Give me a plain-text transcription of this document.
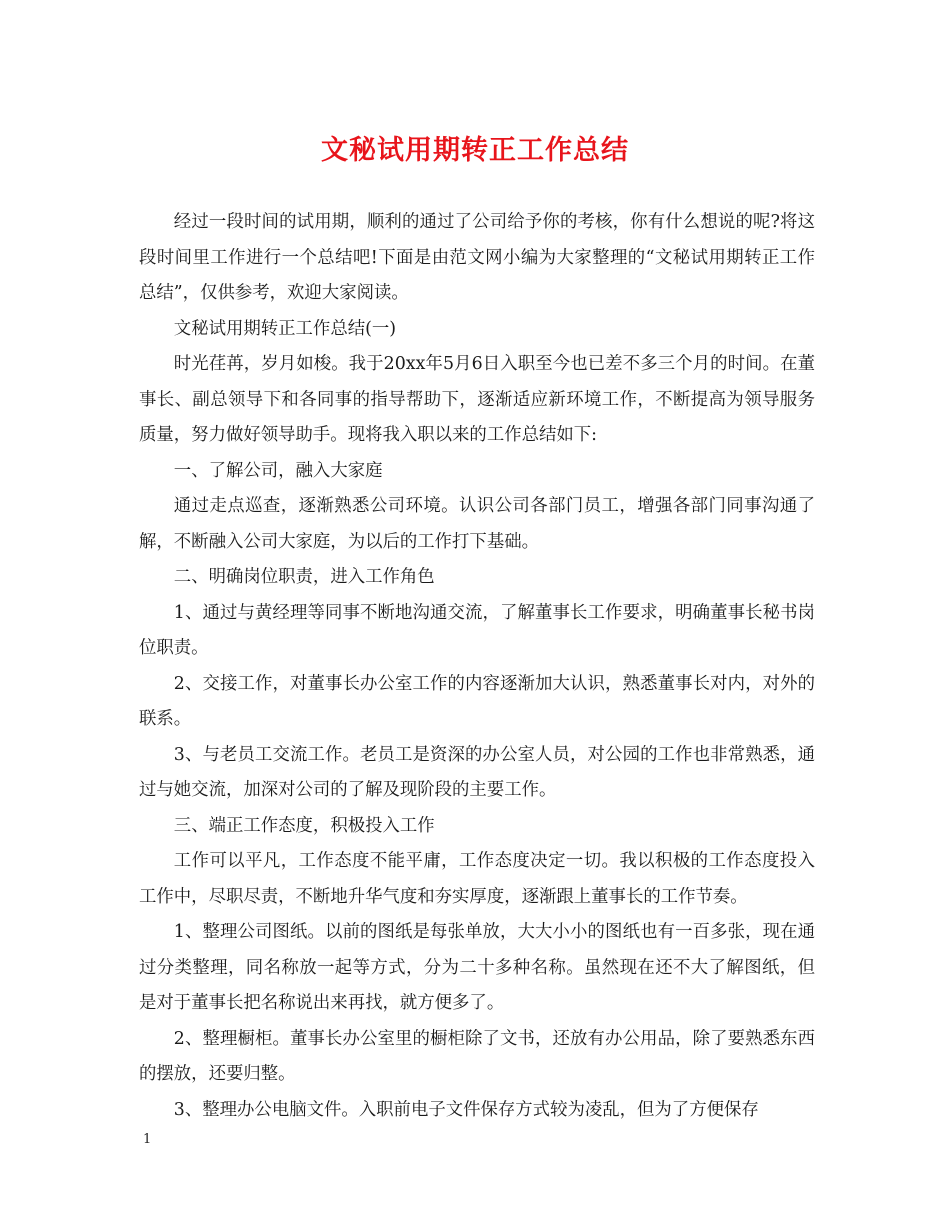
文秘试用期转正工作总结

经过一段时间的试用期，顺利的通过了公司给予你的考核，你有什么想说的呢?将这段时间里工作进行一个总结吧!下面是由范文网小编为大家整理的“文秘试用期转正工作总结”，仅供参考，欢迎大家阅读。

文秘试用期转正工作总结(一)

时光荏苒，岁月如梭。我于20xx年5月6日入职至今也已差不多三个月的时间。在董事长、副总领导下和各同事的指导帮助下，逐渐适应新环境工作，不断提高为领导服务质量，努力做好领导助手。现将我入职以来的工作总结如下:

一、了解公司，融入大家庭

通过走点巡查，逐渐熟悉公司环境。认识公司各部门员工，增强各部门同事沟通了解，不断融入公司大家庭，为以后的工作打下基础。

二、明确岗位职责，进入工作角色

1、通过与黄经理等同事不断地沟通交流，了解董事长工作要求，明确董事长秘书岗位职责。

2、交接工作，对董事长办公室工作的内容逐渐加大认识，熟悉董事长对内，对外的联系。

3、与老员工交流工作。老员工是资深的办公室人员，对公园的工作也非常熟悉，通过与她交流，加深对公司的了解及现阶段的主要工作。

三、端正工作态度，积极投入工作

工作可以平凡，工作态度不能平庸，工作态度决定一切。我以积极的工作态度投入工作中，尽职尽责，不断地升华气度和夯实厚度，逐渐跟上董事长的工作节奏。

1、整理公司图纸。以前的图纸是每张单放，大大小小的图纸也有一百多张，现在通过分类整理，同名称放一起等方式，分为二十多种名称。虽然现在还不大了解图纸，但是对于董事长把名称说出来再找，就方便多了。

2、整理橱柜。董事长办公室里的橱柜除了文书，还放有办公用品，除了要熟悉东西的摆放，还要归整。

3、整理办公电脑文件。入职前电子文件保存方式较为凌乱，但为了方便保存

1
